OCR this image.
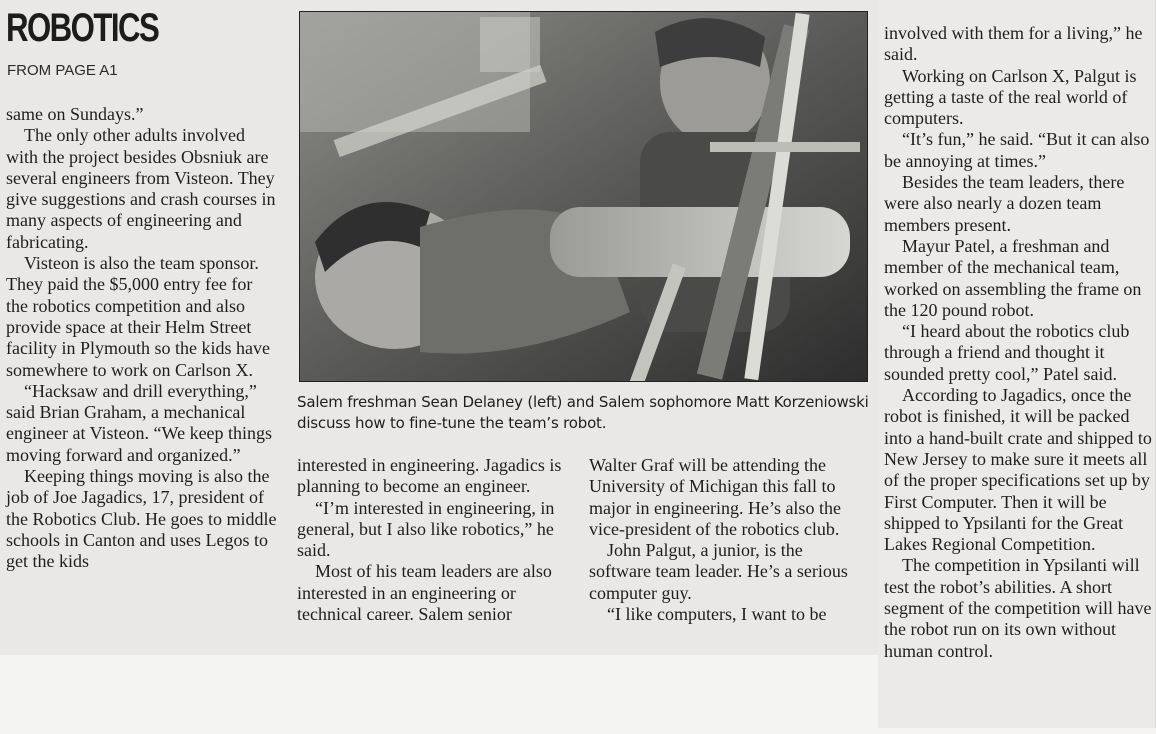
ROBOTICS
FROM PAGE A1

same on Sundays.”

The only other adults involved with the project besides Obsniuk are several engineers from Visteon. They give suggestions and crash courses in many aspects of engineering and fabricating.

Visteon is also the team sponsor. They paid the $5,000 entry fee for the robotics competition and also provide space at their Helm Street facility in Plymouth so the kids have somewhere to work on Carlson X.

“Hacksaw and drill everything,” said Brian Graham, a mechanical engineer at Visteon. “We keep things moving forward and organized.”

Keeping things moving is also the job of Joe Jagadics, 17, president of the Robotics Club. He goes to middle schools in Canton and uses Legos to get the kids

Salem freshman Sean Delaney (left) and Salem sophomore Matt Korzeniowski discuss how to fine-tune the team’s robot.

interested in engineering. Jagadics is planning to become an engineer.

“I’m interested in engineering, in general, but I also like robotics,” he said.

Most of his team leaders are also interested in an engineering or technical career. Salem senior

Walter Graf will be attending the University of Michigan this fall to major in engineering. He’s also the vice-president of the robotics club.

John Palgut, a junior, is the software team leader. He’s a serious computer guy.

“I like computers, I want to be

involved with them for a living,” he said.

Working on Carlson X, Palgut is getting a taste of the real world of computers.

“It’s fun,” he said. “But it can also be annoying at times.”

Besides the team leaders, there were also nearly a dozen team members present.

Mayur Patel, a freshman and member of the mechanical team, worked on assembling the frame on the 120 pound robot.

“I heard about the robotics club through a friend and thought it sounded pretty cool,” Patel said.

According to Jagadics, once the robot is finished, it will be packed into a hand-built crate and shipped to New Jersey to make sure it meets all of the proper specifications set up by First Computer. Then it will be shipped to Ypsilanti for the Great Lakes Regional Competition.

The competition in Ypsilanti will test the robot’s abilities. A short segment of the competition will have the robot run on its own without human control.
